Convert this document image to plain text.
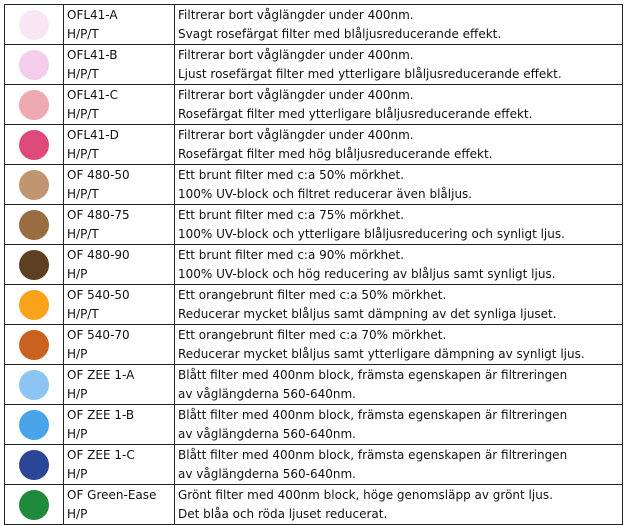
	OFL41-A
H/P/T	Filtrerar bort våglängder under 400nm.
Svagt rosefärgat filter med blåljusreducerande effekt.

	OFL41-B
H/P/T	Filtrerar bort våglängder under 400nm.
Ljust rosefärgat filter med ytterligare blåljusreducerande effekt.

	OFL41-C
H/P/T	Filtrerar bort våglängder under 400nm.
Rosefärgat filter med ytterligare blåljusreducerande effekt.

	OFL41-D
H/P/T	Filtrerar bort våglängder under 400nm.
Rosefärgat filter med hög blåljusreducerande effekt.

	OF 480-50
H/P/T	Ett brunt filter med c:a 50% mörkhet.
100% UV-block och filtret reducerar även blåljus.

	OF 480-75
H/P/T	Ett brunt filter med c:a 75% mörkhet.
100% UV-block och ytterligare blåljusreducering och synligt ljus.

	OF 480-90
H/P	Ett brunt filter med c:a 90% mörkhet.
100% UV-block och hög reducering av blåljus samt synligt ljus.

	OF 540-50
H/P/T	Ett orangebrunt filter med c:a 50% mörkhet.
Reducerar mycket blåljus samt dämpning av det synliga ljuset.

	OF 540-70
H/P	Ett orangebrunt filter med c:a 70% mörkhet.
Reducerar mycket blåljus samt ytterligare dämpning av synligt ljus.

	OF ZEE 1-A
H/P	Blått filter med 400nm block, främsta egenskapen är filtreringen
av våglängderna 560-640nm.

	OF ZEE 1-B
H/P	Blått filter med 400nm block, främsta egenskapen är filtreringen
av våglängderna 560-640nm.

	OF ZEE 1-C
H/P	Blått filter med 400nm block, främsta egenskapen är filtreringen
av våglängderna 560-640nm.

	OF Green-Ease
H/P	Grönt filter med 400nm block, höge genomsläpp av grönt ljus.
Det blåa och röda ljuset reducerat.
